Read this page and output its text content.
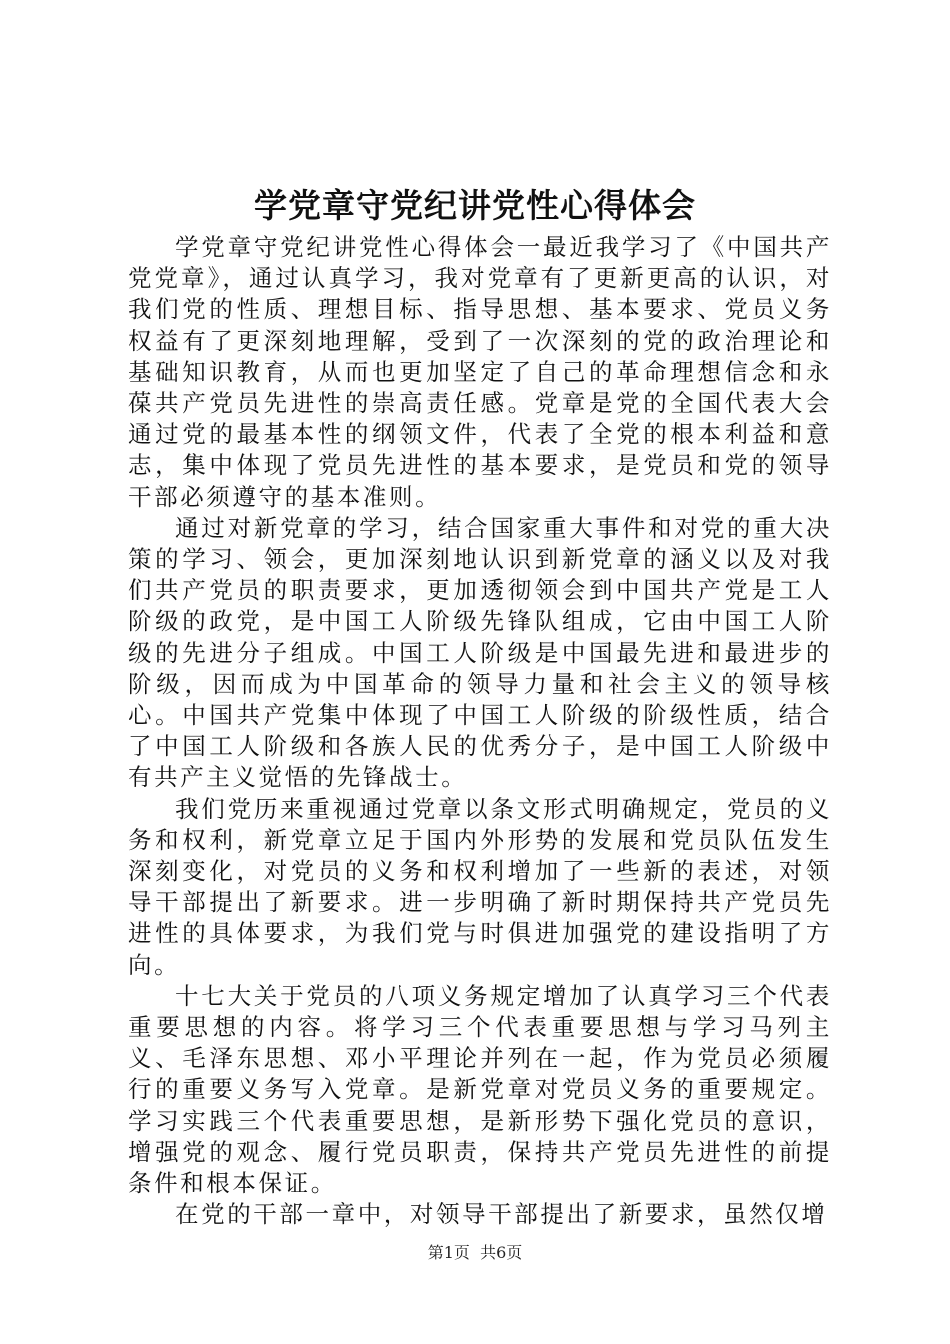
学党章守党纪讲党性心得体会

学党章守党纪讲党性心得体会一最近我学习了《中国共产党党章》，通过认真学习，我对党章有了更新更高的认识，对我们党的性质、理想目标、指导思想、基本要求、党员义务权益有了更深刻地理解，受到了一次深刻的党的政治理论和基础知识教育，从而也更加坚定了自己的革命理想信念和永葆共产党员先进性的崇高责任感。党章是党的全国代表大会通过党的最基本性的纲领文件，代表了全党的根本利益和意志，集中体现了党员先进性的基本要求，是党员和党的领导干部必须遵守的基本准则。

通过对新党章的学习，结合国家重大事件和对党的重大决策的学习、领会，更加深刻地认识到新党章的涵义以及对我们共产党员的职责要求，更加透彻领会到中国共产党是工人阶级的政党，是中国工人阶级先锋队组成，它由中国工人阶级的先进分子组成。中国工人阶级是中国最先进和最进步的阶级，因而成为中国革命的领导力量和社会主义的领导核心。中国共产党集中体现了中国工人阶级的阶级性质，结合了中国工人阶级和各族人民的优秀分子，是中国工人阶级中有共产主义觉悟的先锋战士。

我们党历来重视通过党章以条文形式明确规定，党员的义务和权利，新党章立足于国内外形势的发展和党员队伍发生深刻变化，对党员的义务和权利增加了一些新的表述，对领导干部提出了新要求。进一步明确了新时期保持共产党员先进性的具体要求，为我们党与时俱进加强党的建设指明了方向。

十七大关于党员的八项义务规定增加了认真学习三个代表重要思想的内容。将学习三个代表重要思想与学习马列主义、毛泽东思想、邓小平理论并列在一起，作为党员必须履行的重要义务写入党章。是新党章对党员义务的重要规定。学习实践三个代表重要思想，是新形势下强化党员的意识，增强党的观念、履行党员职责，保持共产党员先进性的前提条件和根本保证。

在党的干部一章中，对领导干部提出了新要求，虽然仅增

第1页 共6页
